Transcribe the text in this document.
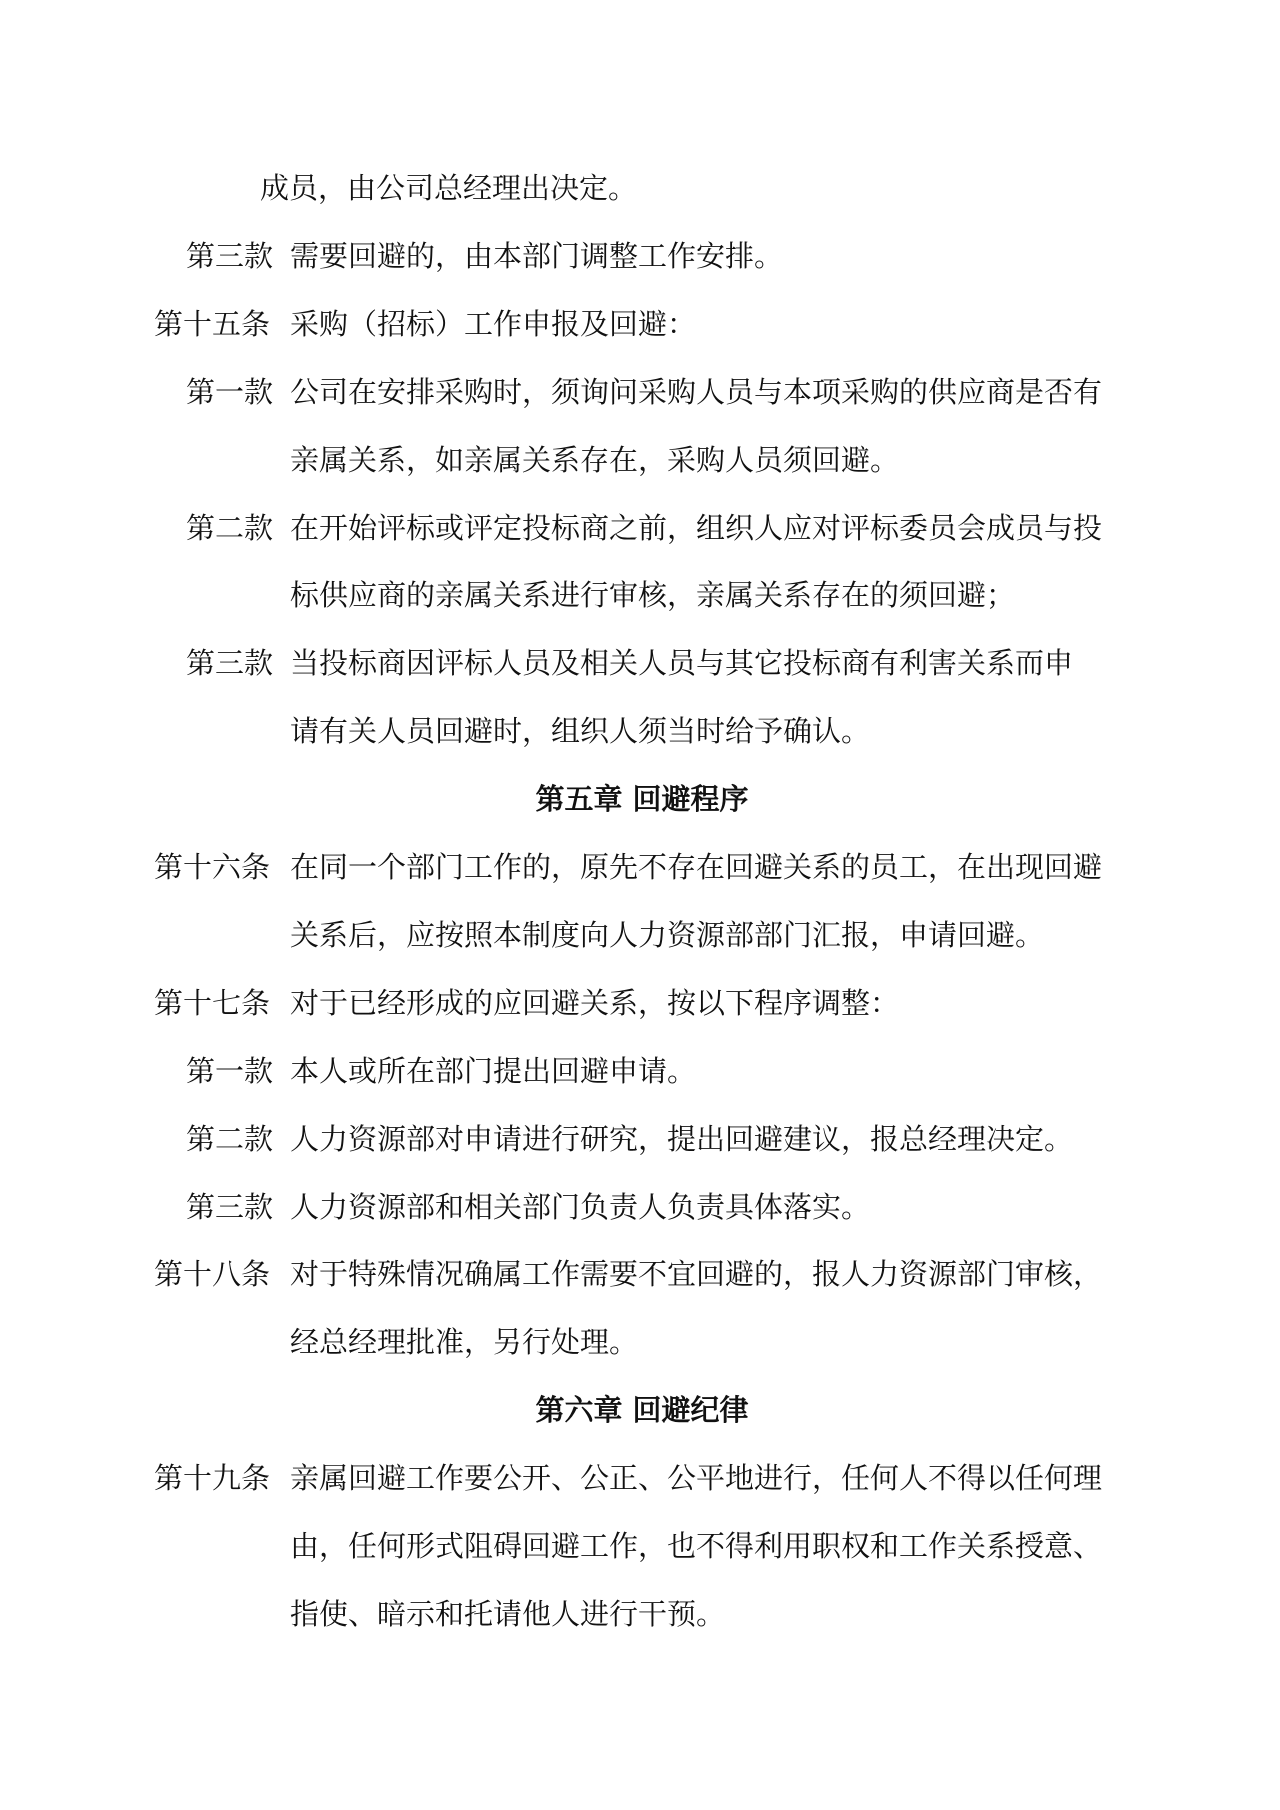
成员，由公司总经理出决定。
第三款 需要回避的，由本部门调整工作安排。
第十五条 采购（招标）工作申报及回避：
第一款 公司在安排采购时，须询问采购人员与本项采购的供应商是否有
亲属关系，如亲属关系存在，采购人员须回避。
第二款 在开始评标或评定投标商之前，组织人应对评标委员会成员与投
标供应商的亲属关系进行审核，亲属关系存在的须回避；
第三款 当投标商因评标人员及相关人员与其它投标商有利害关系而申
请有关人员回避时，组织人须当时给予确认。
第五章 回避程序
第十六条 在同一个部门工作的，原先不存在回避关系的员工，在出现回避
关系后，应按照本制度向人力资源部部门汇报，申请回避。
第十七条 对于已经形成的应回避关系，按以下程序调整：
第一款 本人或所在部门提出回避申请。
第二款 人力资源部对申请进行研究，提出回避建议，报总经理决定。
第三款 人力资源部和相关部门负责人负责具体落实。
第十八条 对于特殊情况确属工作需要不宜回避的，报人力资源部门审核，
经总经理批准，另行处理。
第六章 回避纪律
第十九条 亲属回避工作要公开、公正、公平地进行，任何人不得以任何理
由，任何形式阻碍回避工作，也不得利用职权和工作关系授意、
指使、暗示和托请他人进行干预。
